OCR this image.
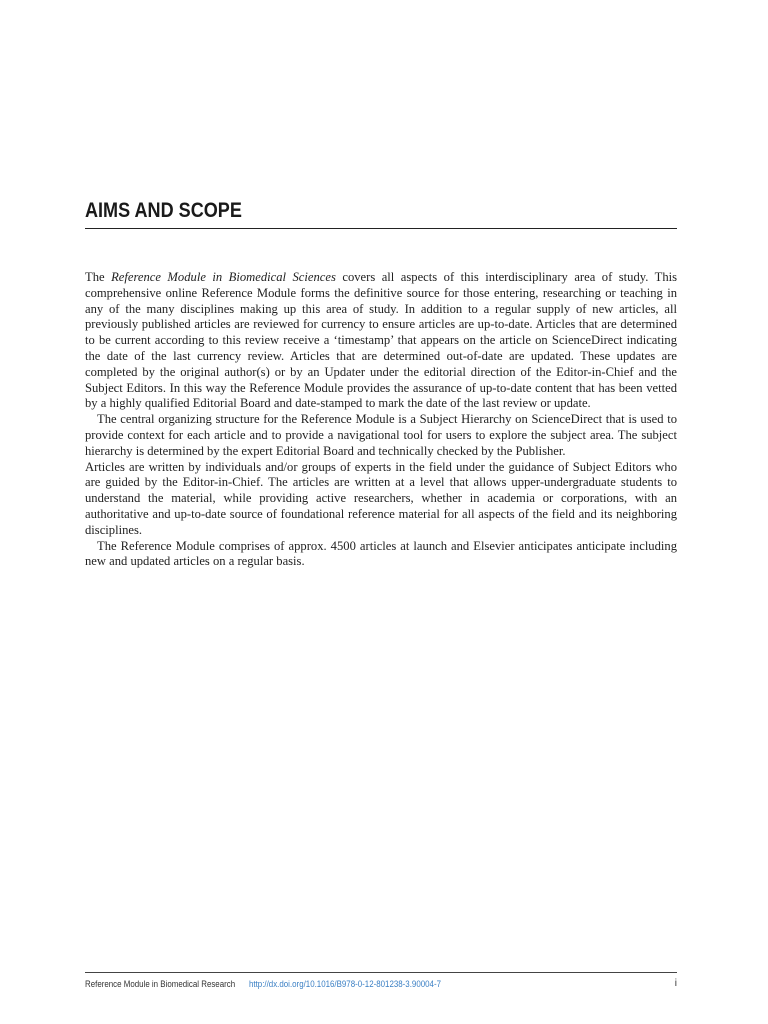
AIMS AND SCOPE

The Reference Module in Biomedical Sciences covers all aspects of this interdisciplinary area of study. This comprehensive online Reference Module forms the definitive source for those entering, researching or teaching in any of the many disciplines making up this area of study. In addition to a regular supply of new articles, all previously published articles are reviewed for currency to ensure articles are up-to-date. Articles that are determined to be current according to this review receive a ‘timestamp’ that appears on the article on ScienceDirect indicating the date of the last currency review. Articles that are determined out-of-date are updated. These updates are completed by the original author(s) or by an Updater under the editorial direction of the Editor-in-Chief and the Subject Editors. In this way the Reference Module provides the assurance of up-to-date content that has been vetted by a highly qualified Editorial Board and date-stamped to mark the date of the last review or update.

The central organizing structure for the Reference Module is a Subject Hierarchy on ScienceDirect that is used to provide context for each article and to provide a navigational tool for users to explore the subject area. The subject hierarchy is determined by the expert Editorial Board and technically checked by the Publisher.

Articles are written by individuals and/or groups of experts in the field under the guidance of Subject Editors who are guided by the Editor-in-Chief. The articles are written at a level that allows upper-undergraduate students to understand the material, while providing active researchers, whether in academia or corporations, with an authoritative and up-to-date source of foundational reference material for all aspects of the field and its neighboring disciplines.

The Reference Module comprises of approx. 4500 articles at launch and Elsevier anticipates anticipate including new and updated articles on a regular basis.

Reference Module in Biomedical Research http://dx.doi.org/10.1016/B978-0-12-801238-3.90004-7	i
